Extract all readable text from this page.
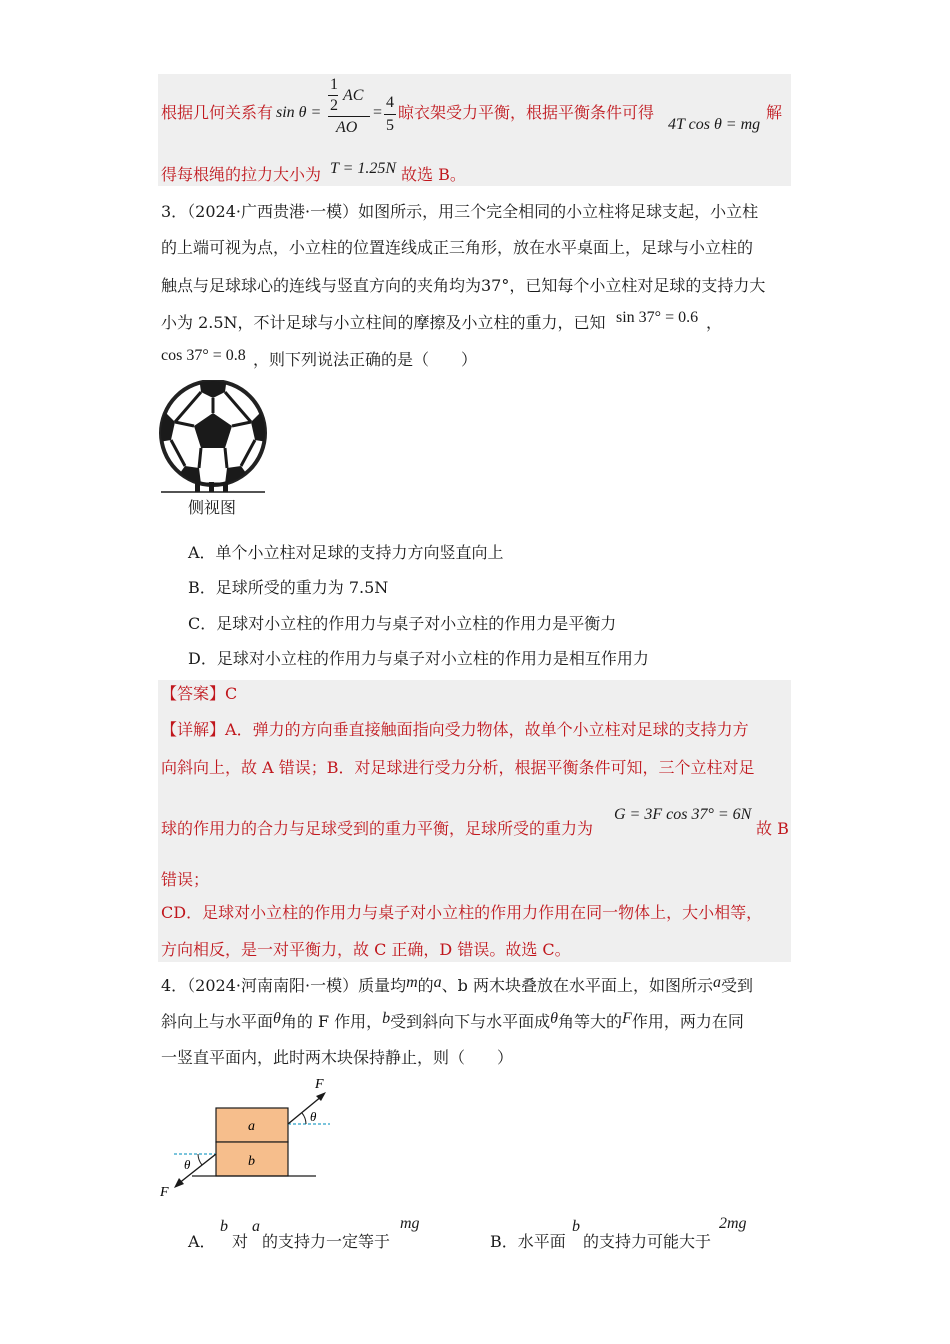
根据几何关系有 sin θ =
1
2
AC
AO
=
4
5
晾衣架受力平衡，根据平衡条件可得
4T cos θ = mg
解
得每根绳的拉力大小为 T = 1.25N 故选 B。
3．（2024·广西贵港·一模）如图所示，用三个完全相同的小立柱将足球支起，小立柱
的上端可视为点，小立柱的位置连线成正三角形，放在水平桌面上，足球与小立柱的
触点与足球球心的连线与竖直方向的夹角均为37°，已知每个小立柱对足球的支持力大
小为 2.5N，不计足球与小立柱间的摩擦及小立柱的重力，已知 sin 37° = 0.6 ，
cos 37° = 0.8 ，则下列说法正确的是（　　）
侧视图
A．单个小立柱对足球的支持力方向竖直向上
B．足球所受的重力为 7.5N
C．足球对小立柱的作用力与桌子对小立柱的作用力是平衡力
D．足球对小立柱的作用力与桌子对小立柱的作用力是相互作用力
【答案】C
【详解】A．弹力的方向垂直接触面指向受力物体，故单个小立柱对足球的支持力方
向斜向上，故 A 错误；B．对足球进行受力分析，根据平衡条件可知，三个立柱对足
球的作用力的合力与足球受到的重力平衡，足球所受的重力为
G = 3F cos 37° = 6N
故 B
错误；
CD．足球对小立柱的作用力与桌子对小立柱的作用力作用在同一物体上，大小相等，
方向相反，是一对平衡力，故 C 正确，D 错误。故选 C。
4．（2024·河南南阳·一模）质量均m的a、b 两木块叠放在水平面上，如图所示a受到
斜向上与水平面θ角的 F 作用，b受到斜向下与水平面成θ角等大的F作用，两力在同
一竖直平面内，此时两木块保持静止，则（　　）
F
θ
a
b
θ
F
A．
b
对
a
的支持力一定等于
mg
B．水平面
b
的支持力可能大于
2mg
